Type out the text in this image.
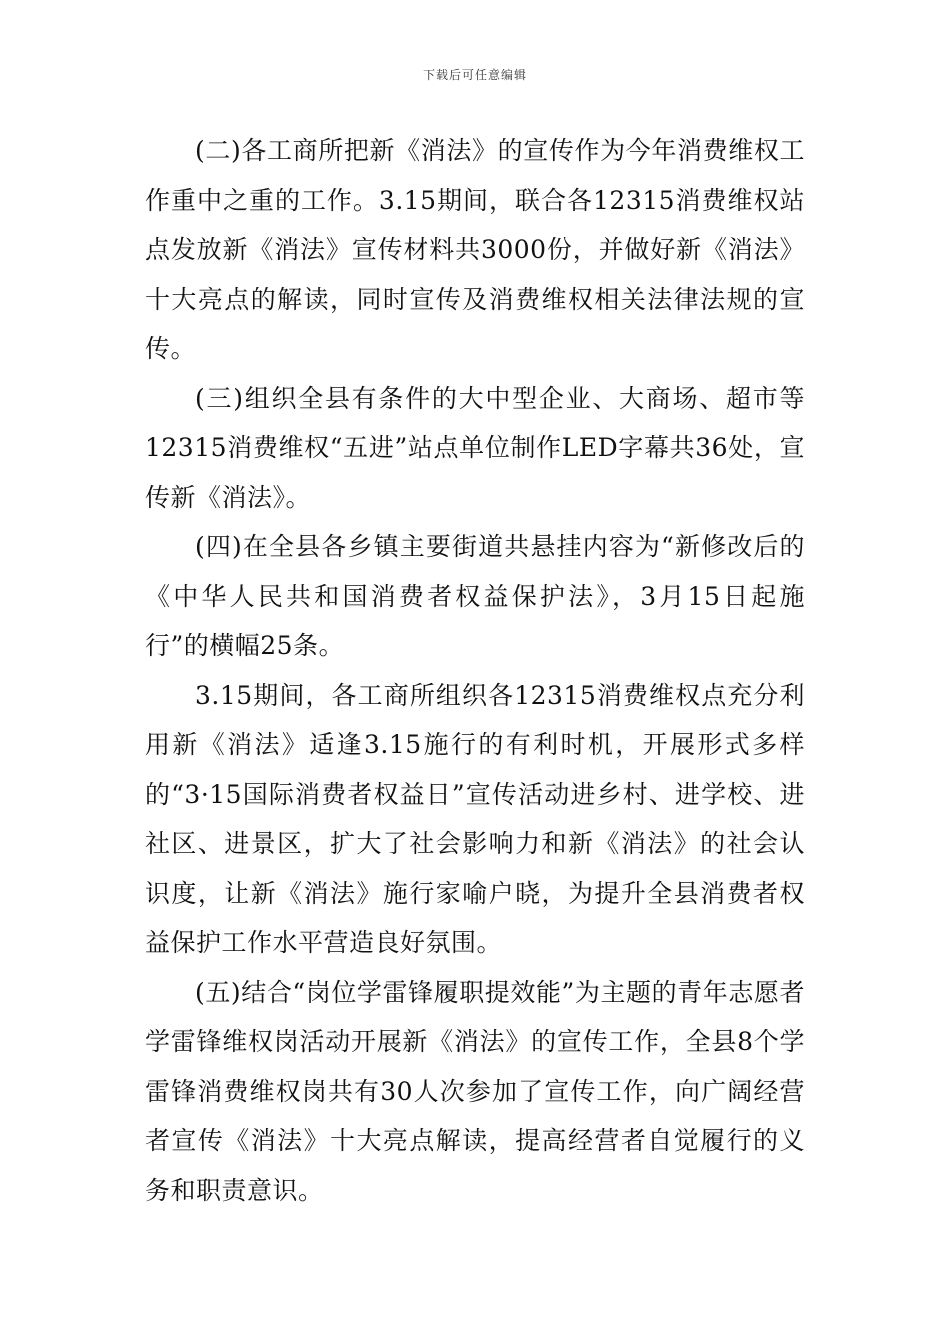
下载后可任意编辑

(二)各工商所把新《消法》的宣传作为今年消费维权工作重中之重的工作。3.15期间，联合各12315消费维权站点发放新《消法》宣传材料共3000份，并做好新《消法》十大亮点的解读，同时宣传及消费维权相关法律法规的宣传。

(三)组织全县有条件的大中型企业、大商场、超市等12315消费维权“五进”站点单位制作LED字幕共36处，宣传新《消法》。

(四)在全县各乡镇主要街道共悬挂内容为“新修改后的《中华人民共和国消费者权益保护法》，3月15日起施行”的横幅25条。

3.15期间，各工商所组织各12315消费维权点充分利用新《消法》适逢3.15施行的有利时机，开展形式多样的“3·15国际消费者权益日”宣传活动进乡村、进学校、进社区、进景区，扩大了社会影响力和新《消法》的社会认识度，让新《消法》施行家喻户晓，为提升全县消费者权益保护工作水平营造良好氛围。

(五)结合“岗位学雷锋履职提效能”为主题的青年志愿者学雷锋维权岗活动开展新《消法》的宣传工作，全县8个学雷锋消费维权岗共有30人次参加了宣传工作，向广阔经营者宣传《消法》十大亮点解读，提高经营者自觉履行的义务和职责意识。
